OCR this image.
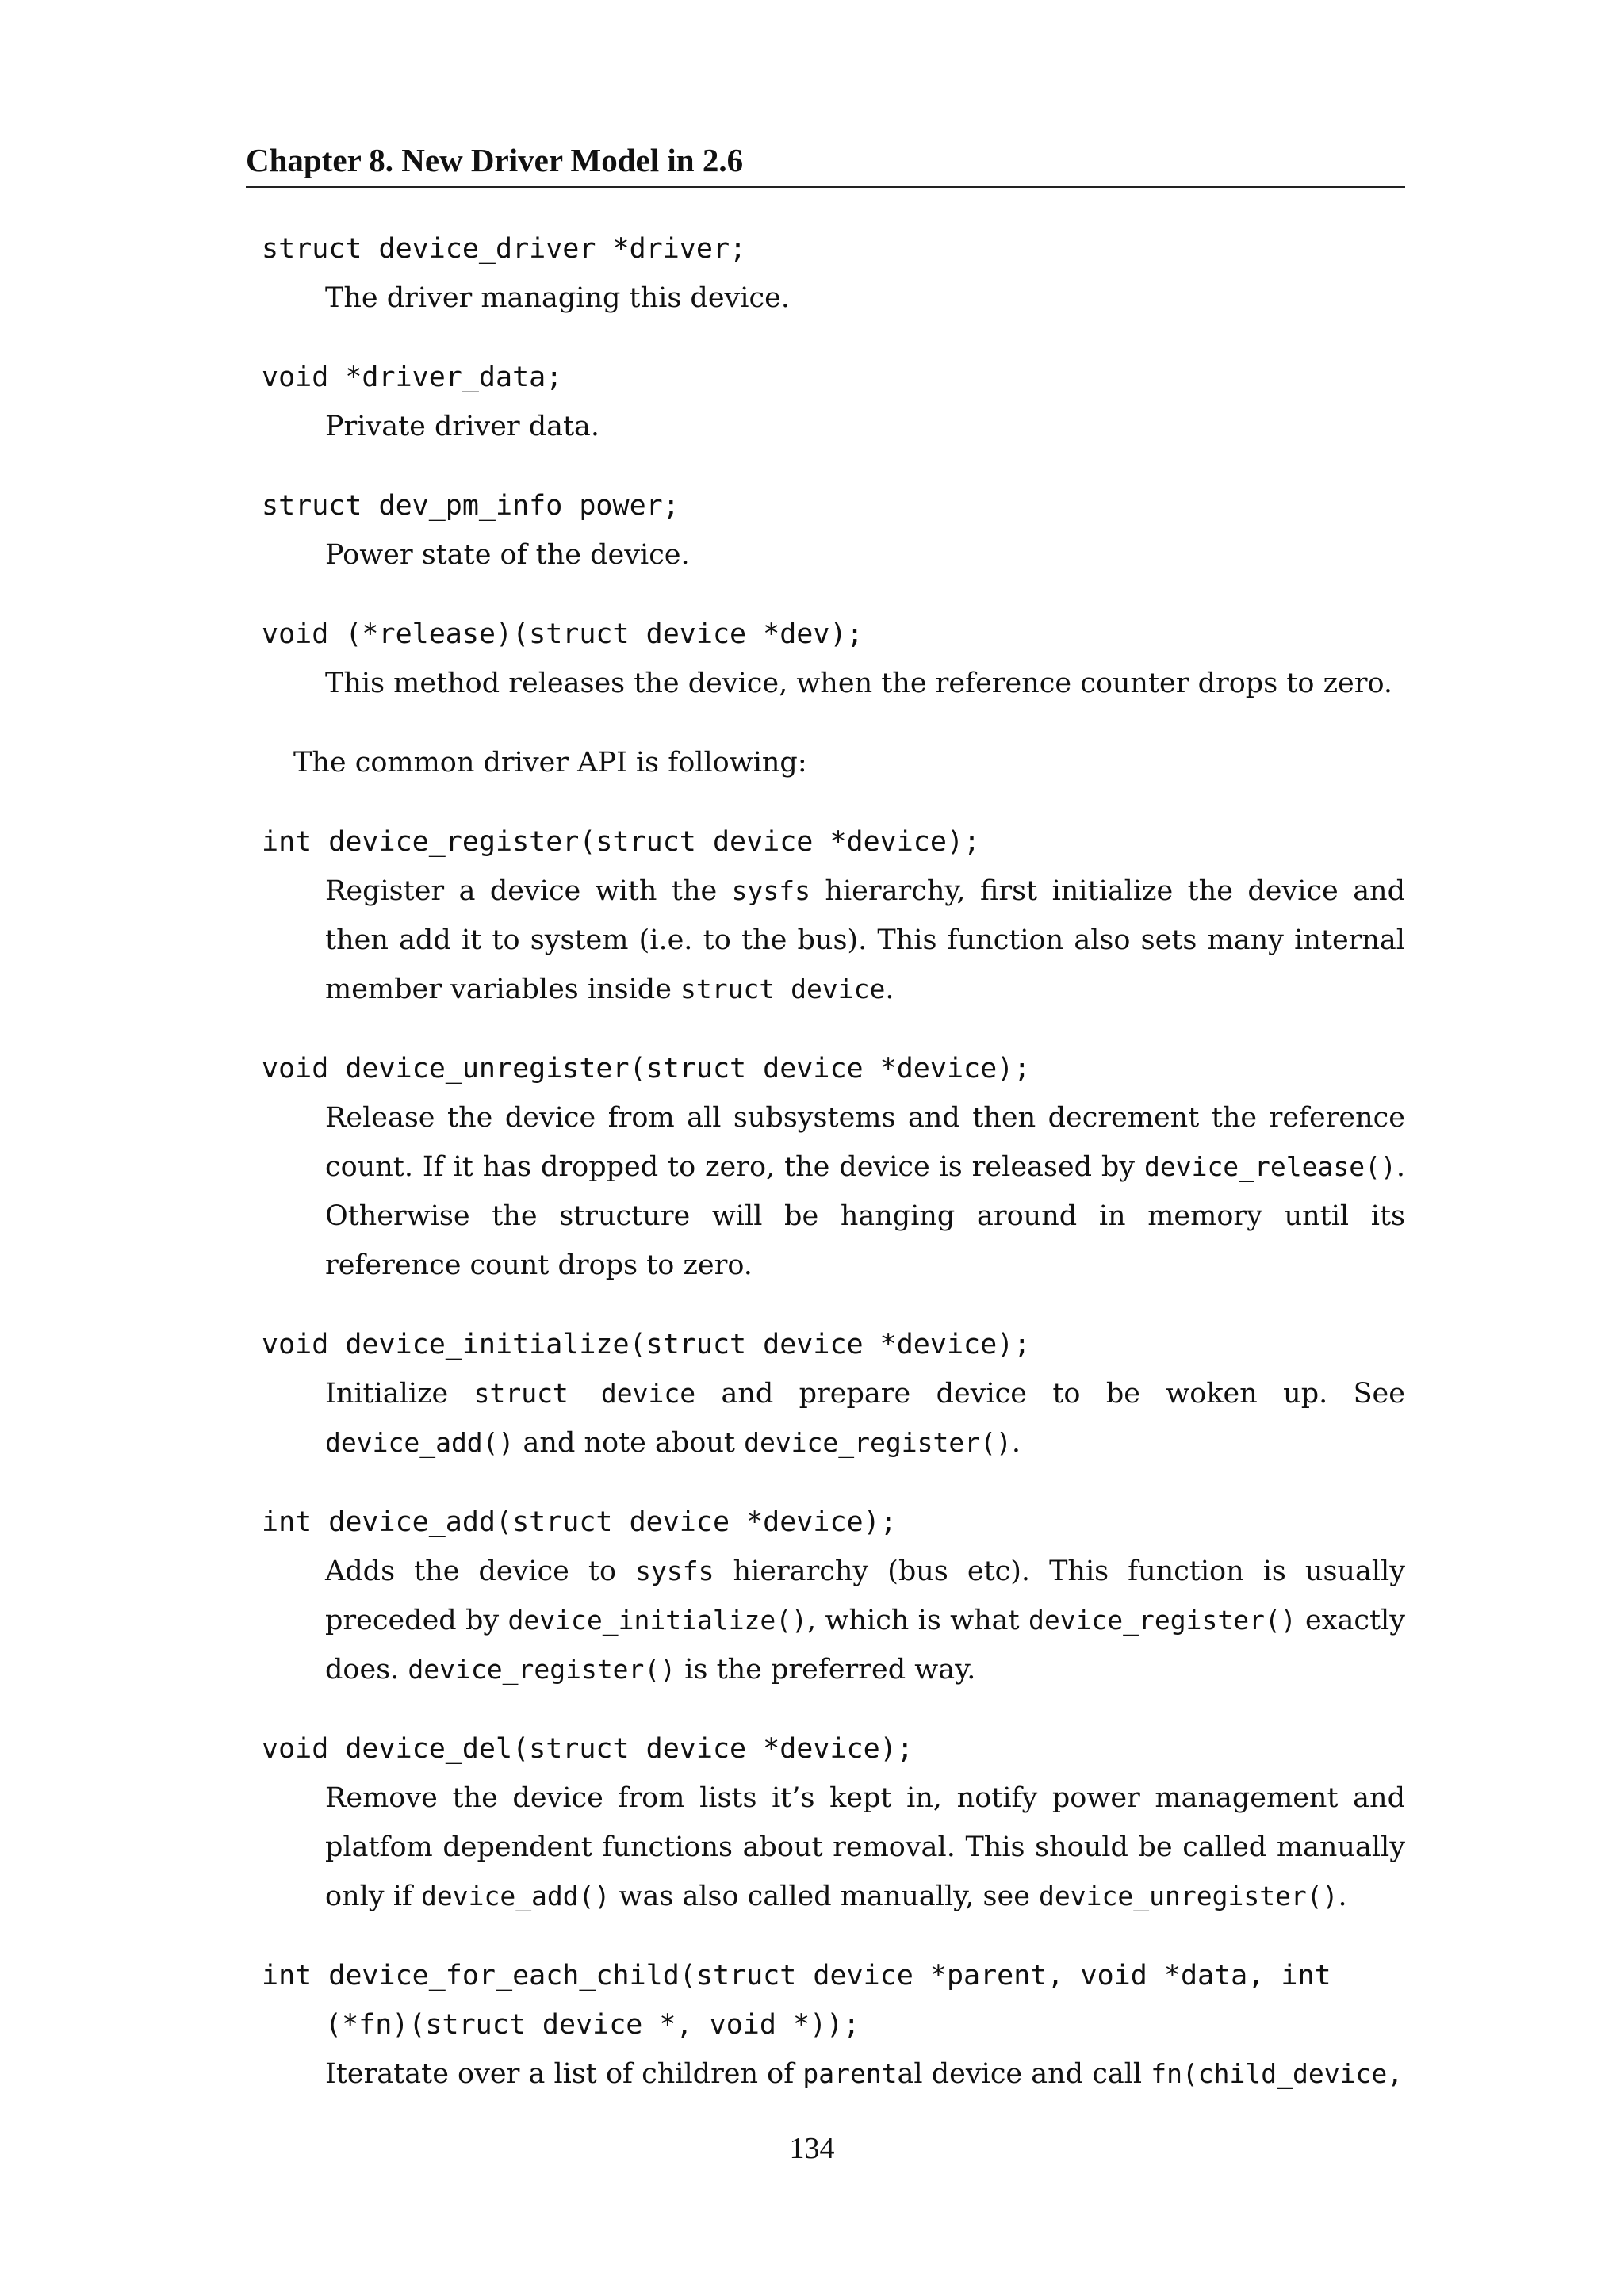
Chapter 8. New Driver Model in 2.6
struct device_driver *driver;
The driver managing this device.
void *driver_data;
Private driver data.
struct dev_pm_info power;
Power state of the device.
void (*release)(struct device *dev);
This method releases the device, when the reference counter drops to zero.
The common driver API is following:
int device_register(struct device *device);
Register a device with the sysfs hierarchy, first initialize the device and then add it to system (i.e. to the bus). This function also sets many internal member variables inside struct device.
void device_unregister(struct device *device);
Release the device from all subsystems and then decrement the reference count. If it has dropped to zero, the device is released by device_release(). Otherwise the structure will be hanging around in memory until its reference count drops to zero.
void device_initialize(struct device *device);
Initialize struct device and prepare device to be woken up. See device_add() and note about device_register().
int device_add(struct device *device);
Adds the device to sysfs hierarchy (bus etc). This function is usually preceded by device_initialize(), which is what device_register() exactly does. device_register() is the preferred way.
void device_del(struct device *device);
Remove the device from lists it’s kept in, notify power management and platfom dependent functions about removal. This should be called manually only if device_add() was also called manually, see device_unregister().
int device_for_each_child(struct device *parent, void *data, int
(*fn)(struct device *, void *));
Iteratate over a list of children of parental device and call fn(child_device,
134
